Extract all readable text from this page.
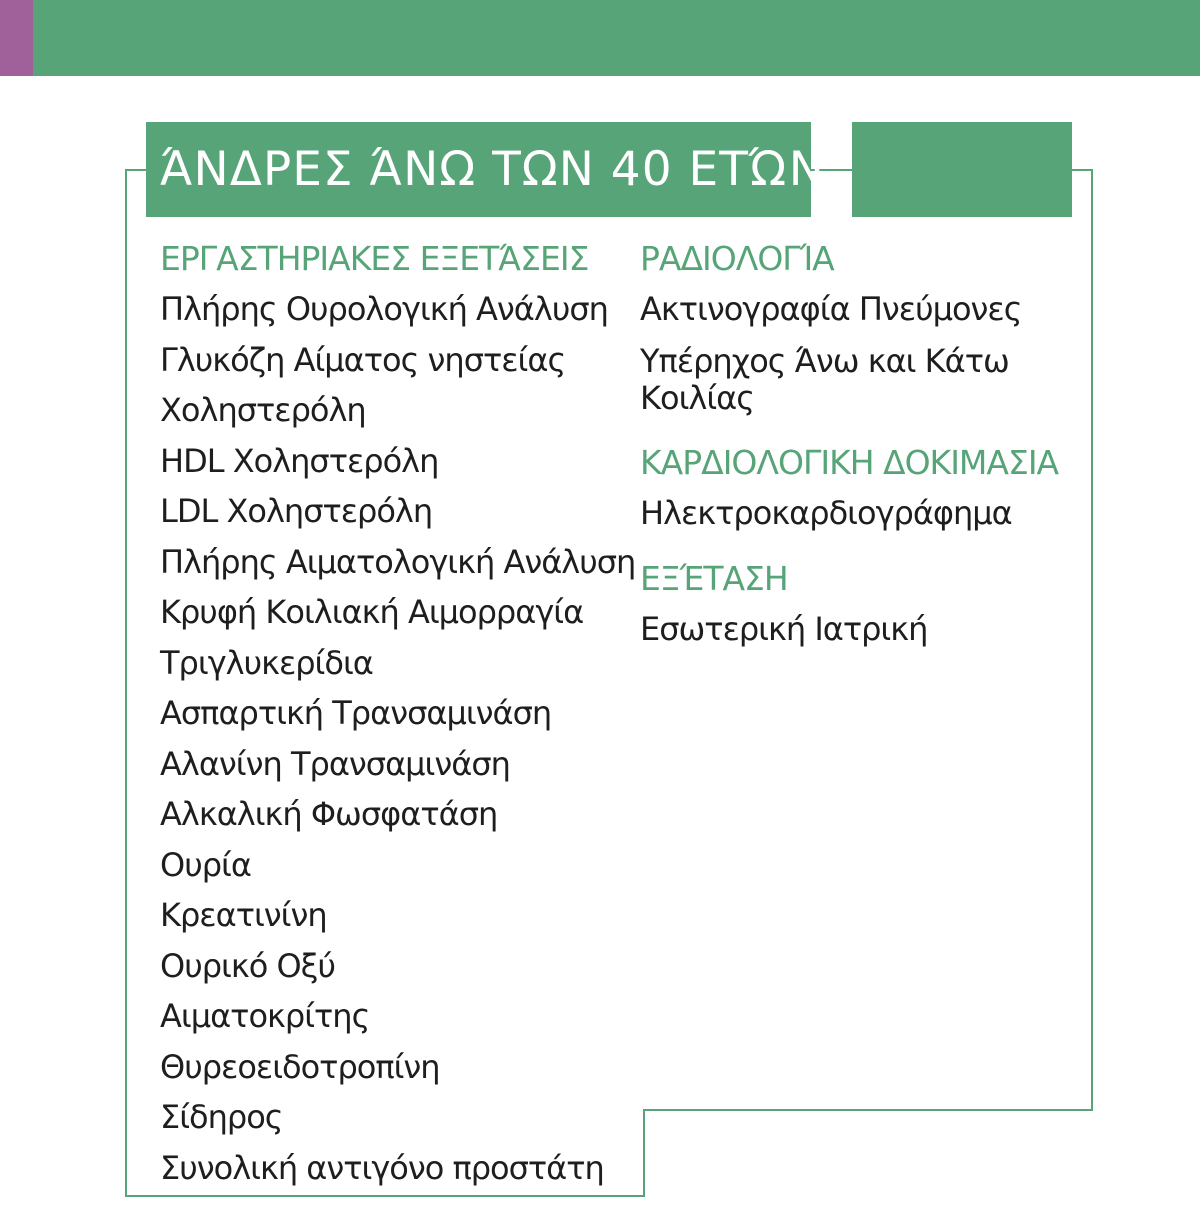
ΆΝΔΡΕΣ ΆΝΩ ΤΩΝ 40 ΕΤΏΝ
ΕΡΓΑΣΤΗΡΙΑΚΕΣ ΕΞΕΤΆΣΕΙΣ
Πλήρης Ουρολογική Ανάλυση
Γλυκόζη Αίματος νηστείας
Χοληστερόλη
HDL Χοληστερόλη
LDL Χοληστερόλη
Πλήρης Αιματολογική Ανάλυση
Κρυφή Κοιλιακή Αιμορραγία
Τριγλυκερίδια
Ασπαρτική Τρανσαμινάση
Αλανίνη Τρανσαμινάση
Αλκαλική Φωσφατάση
Ουρία
Κρεατινίνη
Ουρικό Οξύ
Αιματοκρίτης
Θυρεοειδοτροπίνη
Σίδηρος
Συνολική αντιγόνο προστάτη
ΡΑΔΙΟΛΟΓΊΑ
Ακτινογραφία Πνεύμονες
Υπέρηχος Άνω και Κάτω Κοιλίας
ΚΑΡΔΙΟΛΟΓΙΚΗ ΔΟΚΙΜΑΣΙΑ
Ηλεκτροκαρδιογράφημα
ΕΞΈΤΑΣΗ
Εσωτερική Ιατρική
